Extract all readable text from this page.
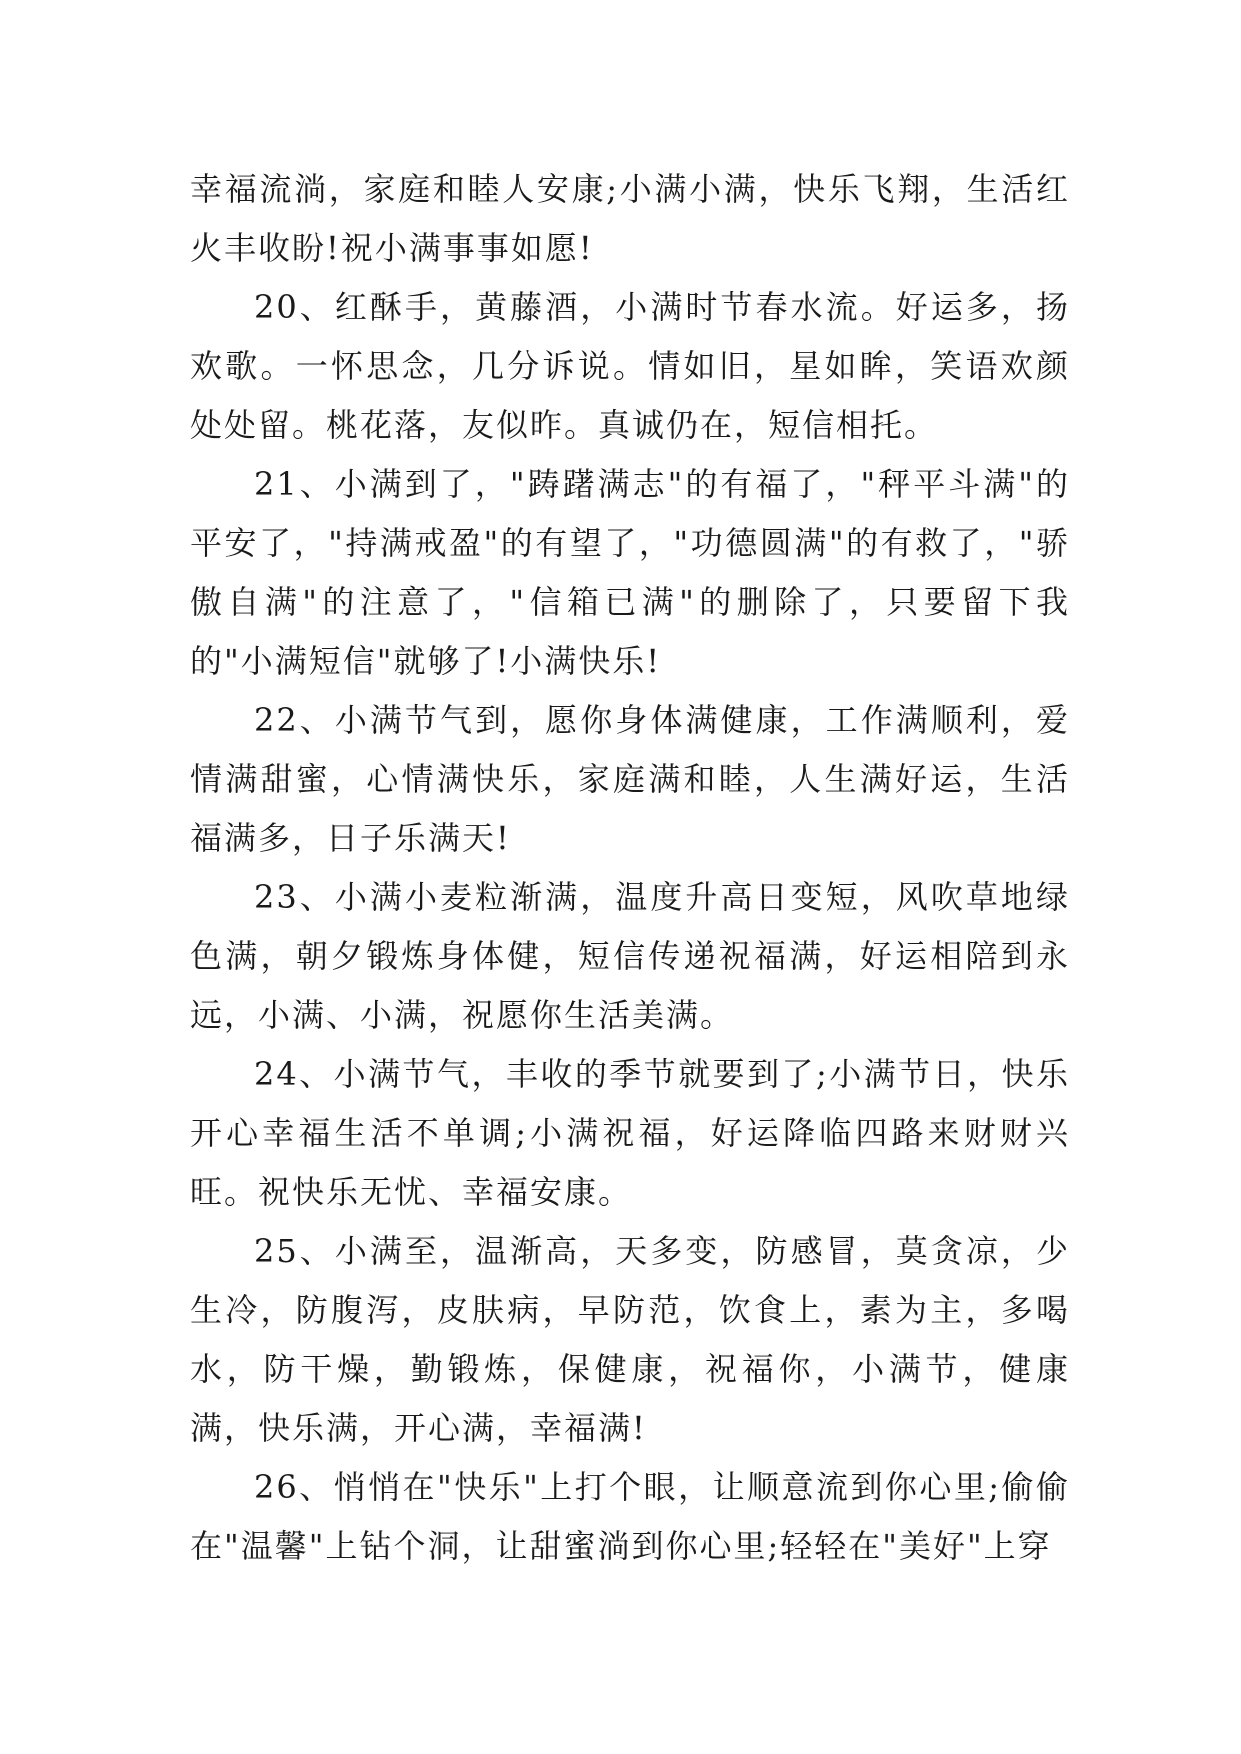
幸福流淌，家庭和睦人安康;小满小满，快乐飞翔，生活红火丰收盼!祝小满事事如愿!

20、红酥手，黄藤酒，小满时节春水流。好运多，扬欢歌。一怀思念，几分诉说。情如旧，星如眸，笑语欢颜处处留。桃花落，友似昨。真诚仍在，短信相托。

21、小满到了，"踌躇满志"的有福了，"秤平斗满"的平安了，"持满戒盈"的有望了，"功德圆满"的有救了，"骄傲自满"的注意了，"信箱已满"的删除了，只要留下我的"小满短信"就够了!小满快乐!

22、小满节气到，愿你身体满健康，工作满顺利，爱情满甜蜜，心情满快乐，家庭满和睦，人生满好运，生活福满多，日子乐满天!

23、小满小麦粒渐满，温度升高日变短，风吹草地绿色满，朝夕锻炼身体健，短信传递祝福满，好运相陪到永远，小满、小满，祝愿你生活美满。

24、小满节气，丰收的季节就要到了;小满节日，快乐开心幸福生活不单调;小满祝福，好运降临四路来财财兴旺。祝快乐无忧、幸福安康。

25、小满至，温渐高，天多变，防感冒，莫贪凉，少生冷，防腹泻，皮肤病，早防范，饮食上，素为主，多喝水，防干燥，勤锻炼，保健康，祝福你，小满节，健康满，快乐满，开心满，幸福满!

26、悄悄在"快乐"上打个眼，让顺意流到你心里;偷偷在"温馨"上钻个洞，让甜蜜淌到你心里;轻轻在"美好"上穿
